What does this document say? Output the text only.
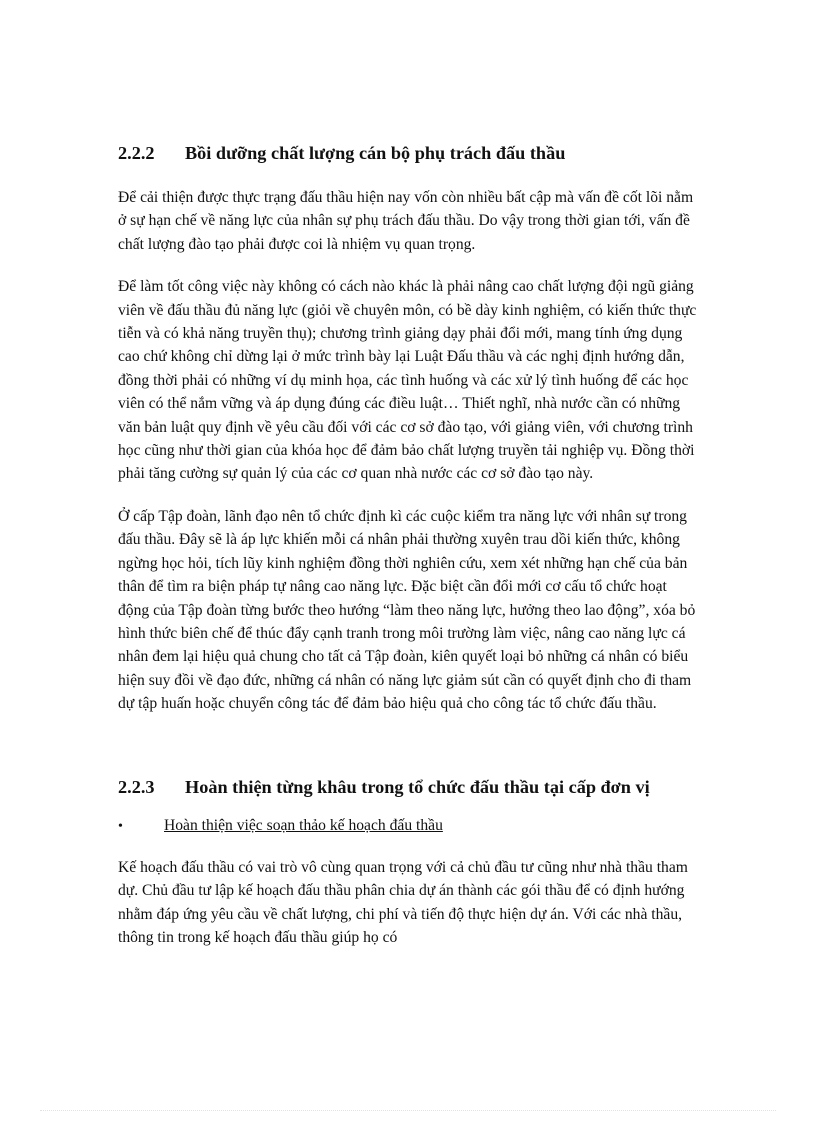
2.2.2	Bồi dưỡng chất lượng cán bộ phụ trách đấu thầu

Để cải thiện được thực trạng đấu thầu hiện nay vốn còn nhiều bất cập mà vấn đề cốt lõi nằm ở sự hạn chế về năng lực của nhân sự phụ trách đấu thầu. Do vậy trong thời gian tới, vấn đề chất lượng đào tạo phải được coi là nhiệm vụ quan trọng.

Để làm tốt công việc này không có cách nào khác là phải nâng cao chất lượng đội ngũ giảng viên về đấu thầu đủ năng lực (giỏi về chuyên môn, có bề dày kinh nghiệm, có kiến thức thực tiễn và có khả năng truyền thụ); chương trình giảng dạy phải đổi mới, mang tính ứng dụng cao chứ không chỉ dừng lại ở mức trình bày lại Luật Đấu thầu và các nghị định hướng dẫn, đồng thời phải có những ví dụ minh họa, các tình huống và các xử lý tình huống để các học viên có thể nắm vững và áp dụng đúng các điều luật… Thiết nghĩ, nhà nước cần có những văn bản luật quy định về yêu cầu đối với các cơ sở đào tạo, với giảng viên, với chương trình học cũng như thời gian của khóa học để đảm bảo chất lượng truyền tải nghiệp vụ. Đồng thời phải tăng cường sự quản lý của các cơ quan nhà nước các cơ sở đào tạo này.

Ở cấp Tập đoàn, lãnh đạo nên tổ chức định kì các cuộc kiểm tra năng lực với nhân sự trong đấu thầu. Đây sẽ là áp lực khiến mỗi cá nhân phải thường xuyên trau dồi kiến thức, không ngừng học hỏi, tích lũy kinh nghiệm đồng thời nghiên cứu, xem xét những hạn chế của bản thân để tìm ra biện pháp tự nâng cao năng lực. Đặc biệt cần đổi mới cơ cấu tổ chức hoạt động của Tập đoàn từng bước theo hướng “làm theo năng lực, hưởng theo lao động”, xóa bỏ hình thức biên chế để thúc đẩy cạnh tranh trong môi trường làm việc, nâng cao năng lực cá nhân đem lại hiệu quả chung cho tất cả Tập đoàn, kiên quyết loại bỏ những cá nhân có biểu hiện suy đồi về đạo đức, những cá nhân có năng lực giảm sút cần có quyết định cho đi tham dự tập huấn hoặc chuyển công tác để đảm bảo hiệu quả cho công tác tổ chức đấu thầu.

2.2.3	Hoàn thiện từng khâu trong tổ chức đấu thầu tại cấp đơn vị
•	Hoàn thiện việc soạn thảo kế hoạch đấu thầu

Kế hoạch đấu thầu có vai trò vô cùng quan trọng với cả chủ đầu tư cũng như nhà thầu tham dự. Chủ đầu tư lập kế hoạch đấu thầu phân chia dự án thành các gói thầu để có định hướng nhằm đáp ứng yêu cầu về chất lượng, chi phí và tiến độ thực hiện dự án. Với các nhà thầu, thông tin trong kế hoạch đấu thầu giúp họ có
